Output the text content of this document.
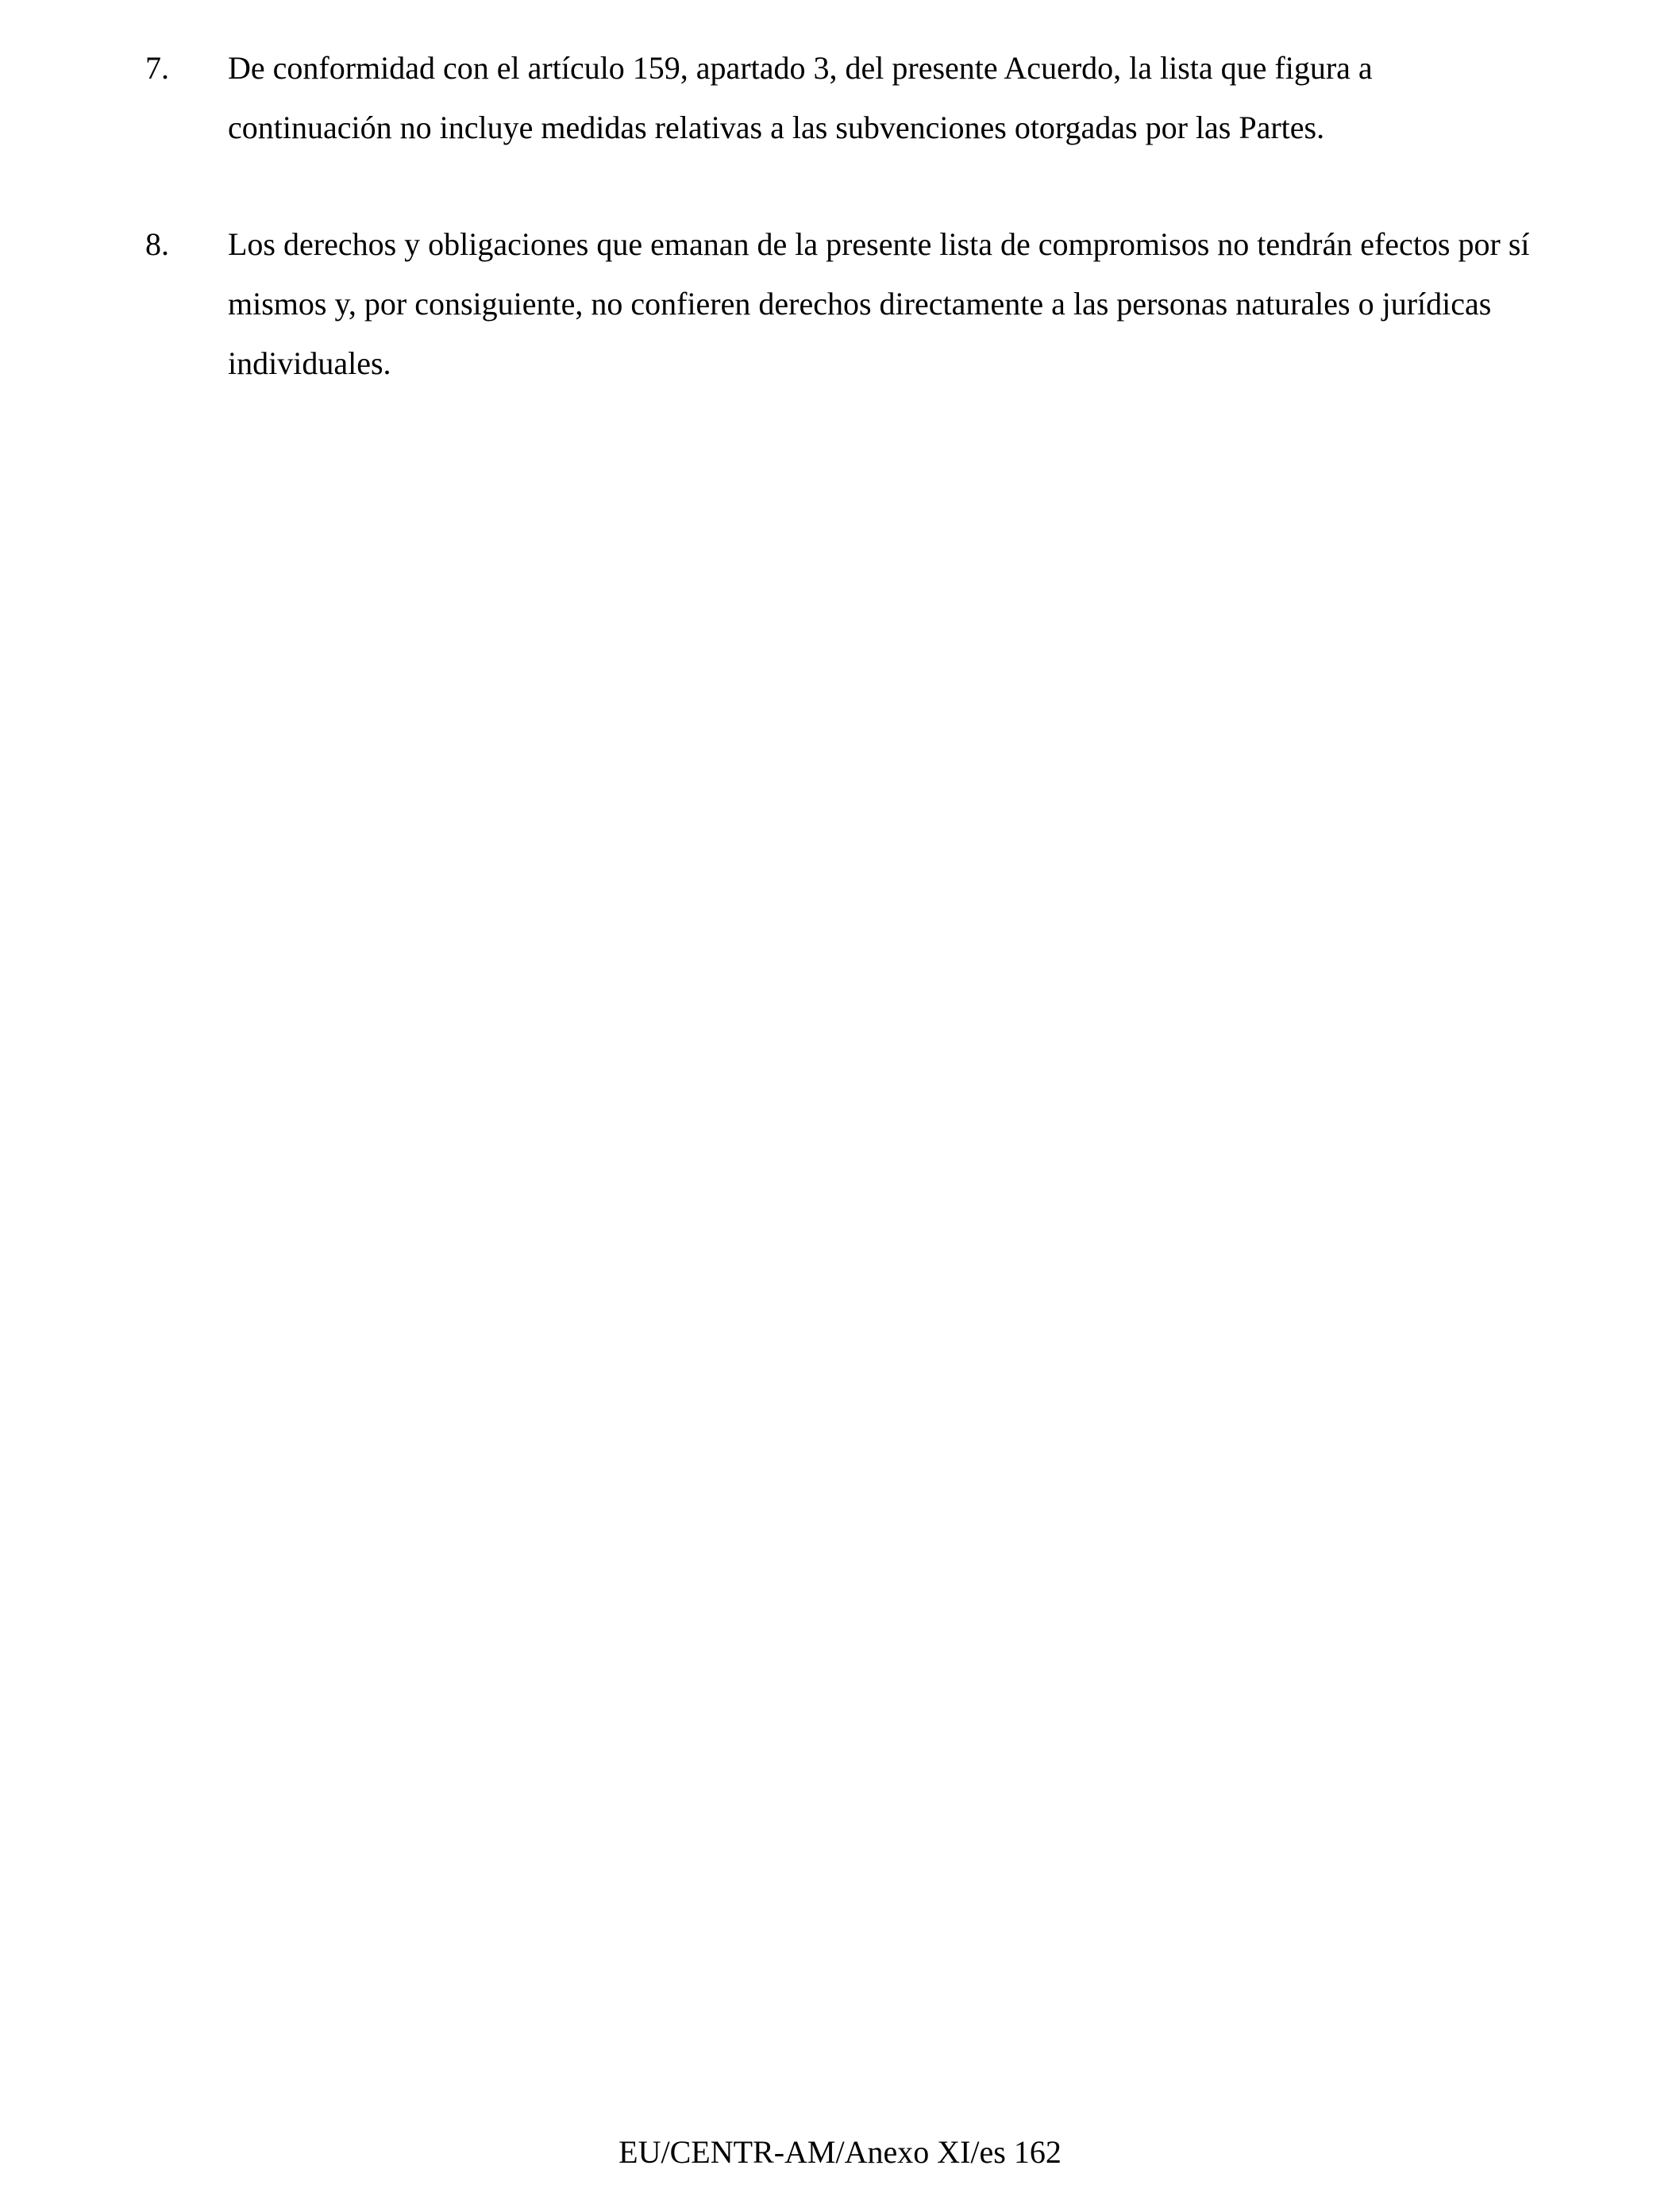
7. De conformidad con el artículo 159, apartado 3, del presente Acuerdo, la lista que figura a continuación no incluye medidas relativas a las subvenciones otorgadas por las Partes.
8. Los derechos y obligaciones que emanan de la presente lista de compromisos no tendrán efectos por sí mismos y, por consiguiente, no confieren derechos directamente a las personas naturales o jurídicas individuales.
EU/CENTR-AM/Anexo XI/es 162
